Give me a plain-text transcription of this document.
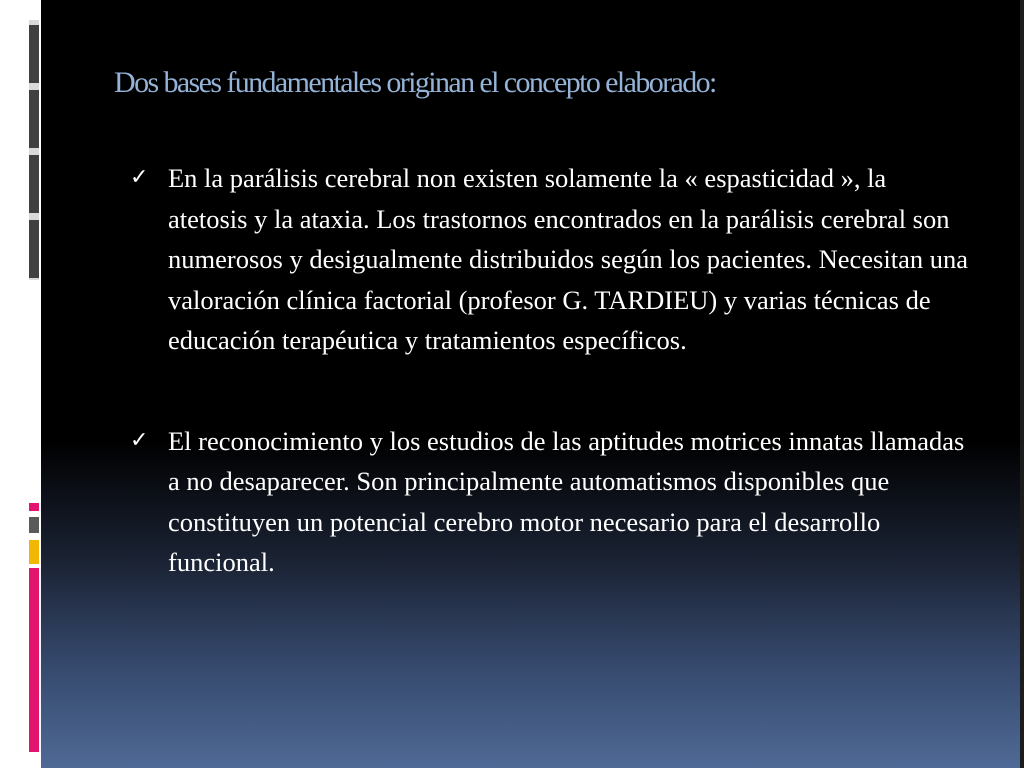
Dos bases fundamentales originan el concepto elaborado:
✓ En la parálisis cerebral non existen solamente la « espasticidad », la atetosis y la ataxia. Los trastornos encontrados en la parálisis cerebral son numerosos y desigualmente distribuidos según los pacientes. Necesitan una valoración clínica factorial (profesor G. TARDIEU) y varias técnicas de educación terapéutica y tratamientos específicos.
✓ El reconocimiento y los estudios de las aptitudes motrices innatas llamadas a no desaparecer. Son principalmente automatismos disponibles que constituyen un potencial cerebro motor necesario para el desarrollo funcional.
